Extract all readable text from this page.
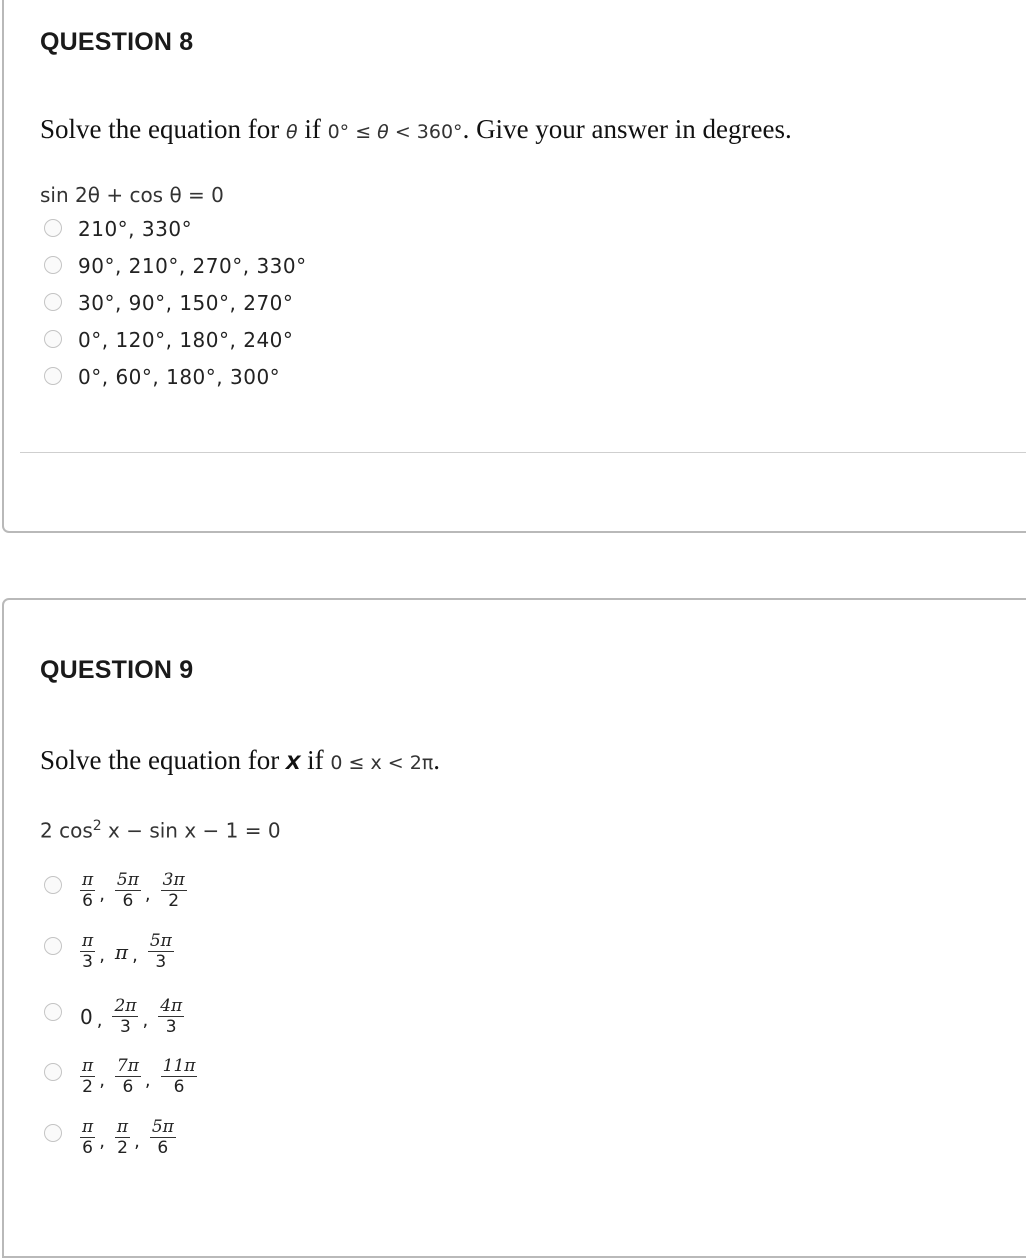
QUESTION 8
Solve the equation for θ if 0° ≤ θ < 360°. Give your answer in degrees.
sin 2θ + cos θ = 0
210°, 330°
90°, 210°, 270°, 330°
30°, 90°, 150°, 270°
0°, 120°, 180°, 240°
0°, 60°, 180°, 300°
QUESTION 9
Solve the equation for x if 0 ≤ x < 2π.
2 $\cos^2 x - \sin x - 1 = 0$
$\frac{\pi}{6}$ , $\frac{5\pi}{6}$ , $\frac{3\pi}{2}$
$\frac{\pi}{3}$ , π , $\frac{5\pi}{3}$
0 , $\frac{2\pi}{3}$ , $\frac{4\pi}{3}$
$\frac{\pi}{2}$ , $\frac{7\pi}{6}$ , $\frac{11\pi}{6}$
$\frac{\pi}{6}$ , $\frac{\pi}{2}$ , $\frac{5\pi}{6}$
